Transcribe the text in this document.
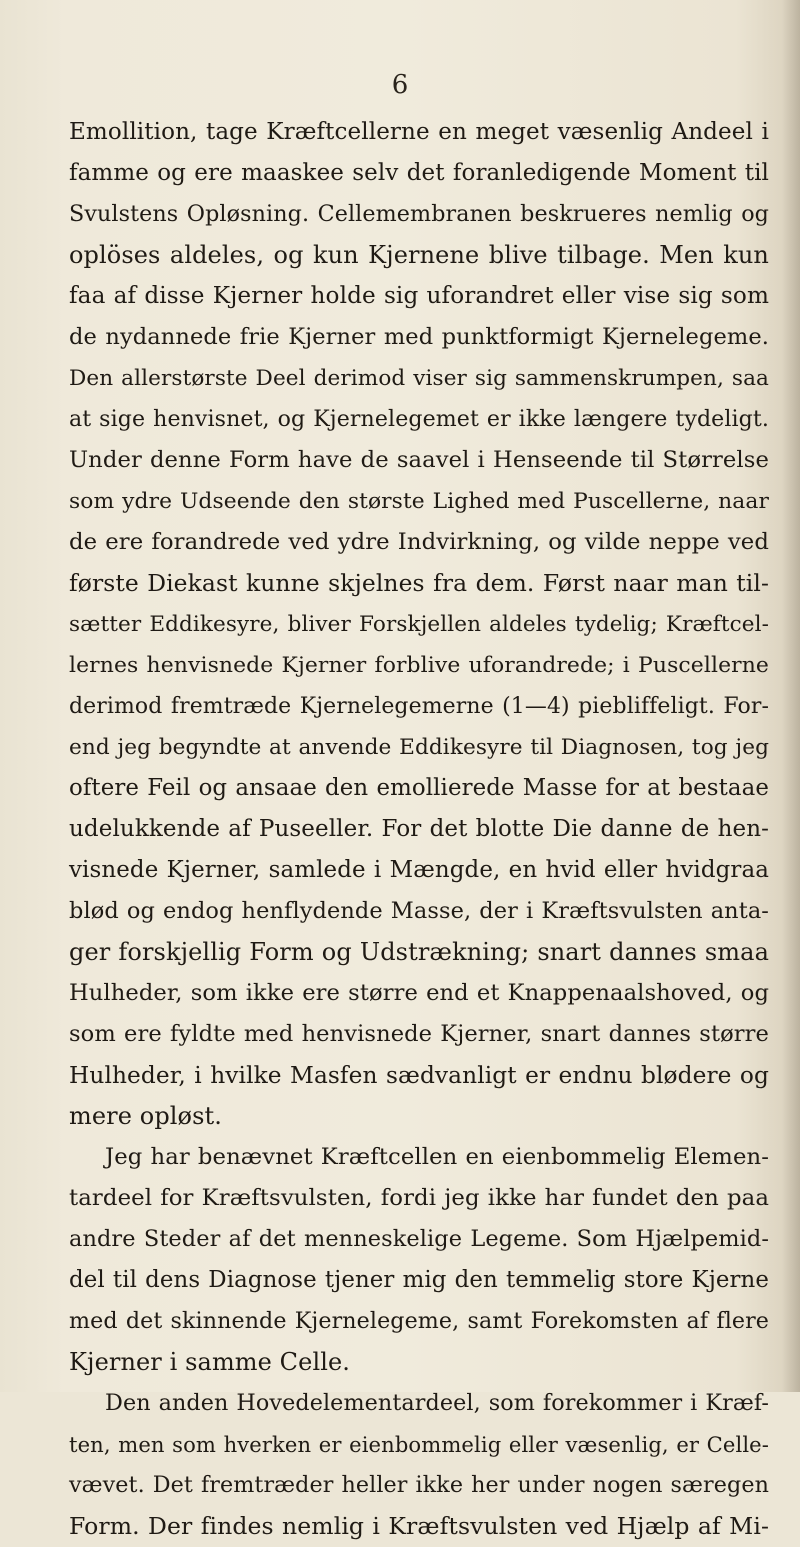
6
Emollition, tage Kræftcellerne en meget væsenlig Andeel i
famme og ere maaskee selv det foranledigende Moment til
Svulstens Opløsning. Cellemembranen beskrueres nemlig og
oplöses aldeles, og kun Kjernene blive tilbage. Men kun
faa af disse Kjerner holde sig uforandret eller vise sig som
de nydannede frie Kjerner med punktformigt Kjernelegeme.
Den allerstørste Deel derimod viser sig sammenskrumpen, saa
at sige henvisnet, og Kjernelegemet er ikke længere tydeligt.
Under denne Form have de saavel i Henseende til Størrelse
som ydre Udseende den største Lighed med Puscellerne, naar
de ere forandrede ved ydre Indvirkning, og vilde neppe ved
første Diekast kunne skjelnes fra dem. Først naar man til-
sætter Eddikesyre, bliver Forskjellen aldeles tydelig; Kræftcel-
lernes henvisnede Kjerner forblive uforandrede; i Puscellerne
derimod fremtræde Kjernelegemerne (1—4) piebliffeligt. For-
end jeg begyndte at anvende Eddikesyre til Diagnosen, tog jeg
oftere Feil og ansaae den emollierede Masse for at bestaae
udelukkende af Puseeller. For det blotte Die danne de hen-
visnede Kjerner, samlede i Mængde, en hvid eller hvidgraa
blød og endog henflydende Masse, der i Kræftsvulsten anta-
ger forskjellig Form og Udstrækning; snart dannes smaa
Hulheder, som ikke ere større end et Knappenaalshoved, og
som ere fyldte med henvisnede Kjerner, snart dannes større
Hulheder, i hvilke Masfen sædvanligt er endnu blødere og
mere opløst.
Jeg har benævnet Kræftcellen en eienbommelig Elemen-
tardeel for Kræftsvulsten, fordi jeg ikke har fundet den paa
andre Steder af det menneskelige Legeme. Som Hjælpemid-
del til dens Diagnose tjener mig den temmelig store Kjerne
med det skinnende Kjernelegeme, samt Forekomsten af flere
Kjerner i samme Celle.
Den anden Hovedelementardeel, som forekommer i Kræf-
ten, men som hverken er eienbommelig eller væsenlig, er Celle-
vævet. Det fremtræder heller ikke her under nogen særegen
Form. Der findes nemlig i Kræftsvulsten ved Hjælp af Mi-
